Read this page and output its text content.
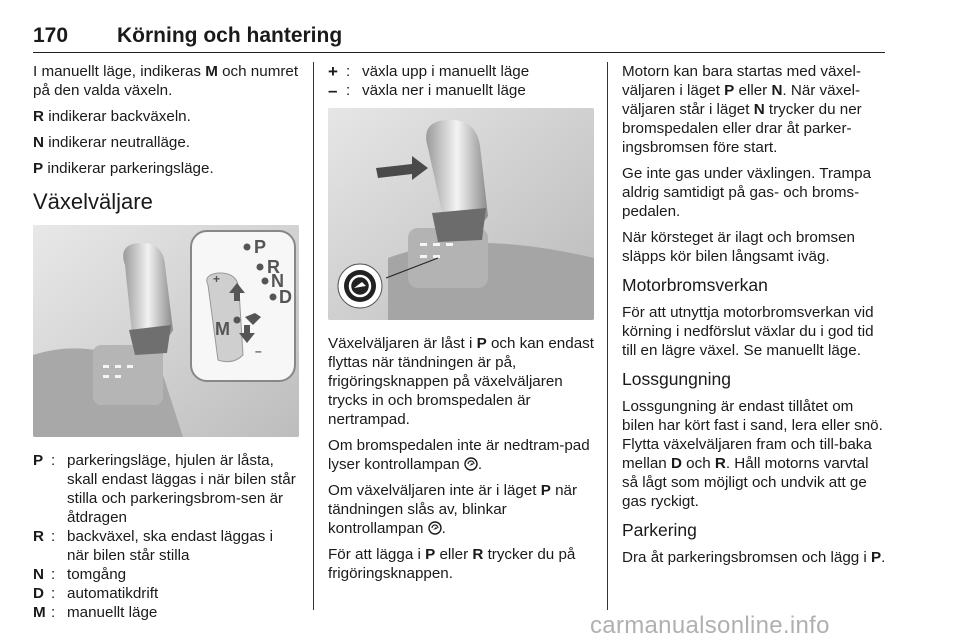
170 Körning och hantering

I manuellt läge, indikeras M och numret på den valda växeln.

R indikerar backväxeln.

N indikerar neutralläge.

P indikerar parkeringsläge.

Växelväljare
P
R
N
D
M
+
–
P : parkeringsläge, hjulen är låsta, skall endast läggas i när bilen står stilla och parkeringsbrom-sen är åtdragen
R : backväxel, ska endast läggas i när bilen står stilla
N : tomgång
D : automatikdrift
M : manuellt läge
+ : växla upp i manuellt läge
– : växla ner i manuellt läge

Växelväljaren är låst i P och kan endast flyttas när tändningen är på, frigöringsknappen på växelväljaren trycks in och bromspedalen är nertrampad.

Om bromspedalen inte är nedtram-pad lyser kontrollampan .

Om växelväljaren inte är i läget P när tändningen slås av, blinkar kontrollampan .

För att lägga i P eller R trycker du på frigöringsknappen.

Motorn kan bara startas med växel-väljaren i läget P eller N. När växel-väljaren står i läget N trycker du ner bromspedalen eller drar åt parker-ingsbromsen före start.

Ge inte gas under växlingen. Trampa aldrig samtidigt på gas- och broms-pedalen.

När körsteget är ilagt och bromsen släpps kör bilen långsamt iväg.

Motorbromsverkan

För att utnyttja motorbromsverkan vid körning i nedförslut växlar du i god tid till en lägre växel. Se manuellt läge.

Lossgungning

Lossgungning är endast tillåtet om bilen har kört fast i sand, lera eller snö. Flytta växelväljaren fram och till-baka mellan D och R. Håll motorns varvtal så lågt som möjligt och undvik att ge gas ryckigt.

Parkering

Dra åt parkeringsbromsen och lägg i P.

carmanualsonline.info
